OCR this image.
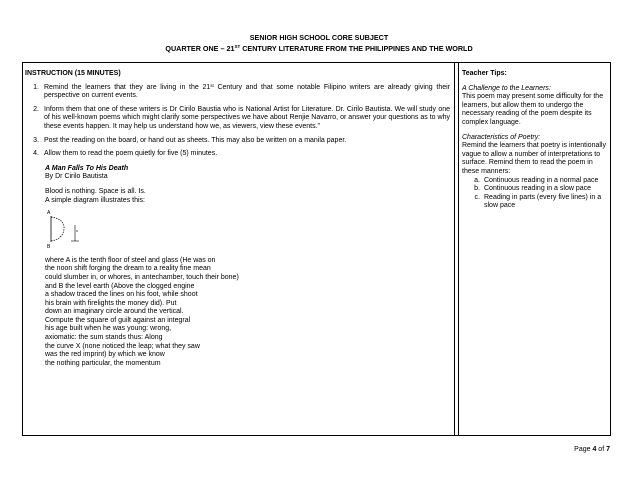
SENIOR HIGH SCHOOL CORE SUBJECT
QUARTER ONE – 21ST CENTURY LITERATURE FROM THE PHILIPPINES AND THE WORLD
INSTRUCTION (15 MINUTES)
1. Remind the learners that they are living in the 21st Century and that some notable Filipino writers are already giving their perspective on current events.
2. Inform them that one of these writers is Dr Cirilo Baustia who is National Artist for Literature. Dr. Cirilo Bautista. We will study one of his well-known poems which might clarify some perspectives we have about Renjie Navarro, or answer your questions as to why these events happen. It may help us understand how we, as viewers, view these events.”
3. Post the reading on the board, or hand out as sheets. This may also be written on a manila paper.
4. Allow them to read the poem quietly for five (5) minutes.
A Man Falls To His Death
By Dr Cirilo Bautista
Blood is nothing. Space is all. Is.
A simple diagram illustrates this:
A
B
x
where A is the tenth floor of steel and glass (He was on
the noon shift forging the dream to a reality fine mean
could slumber in, or whores, in antechamber, touch their bone)
and B the level earth (Above the clogged engine
a shadow traced the lines on his foot, while shoot
his brain with firelights the money did). Put
down an imaginary circle around the vertical.
Compute the square of guilt against an integral
his age built when he was young: wrong,
axiomatic: the sum stands thus: Along
the curve X (none noticed the leap; what they saw
was the red imprint) by which we know
the nothing particular, the momentum
Teacher Tips:
A Challenge to the Learners:
This poem may present some difficulty for the learners, but allow them to undergo the necessary reading of the poem despite its complex language.
Characteristics of Poetry:
Remind the learners that poetry is intentionally vague to allow a number of interpretations to surface. Remind them to read the poem in these manners:
a. Continuous reading in a normal pace
b. Continuous reading in a slow pace
c. Reading in parts (every five lines) in a slow pace
Page 4 of 7
